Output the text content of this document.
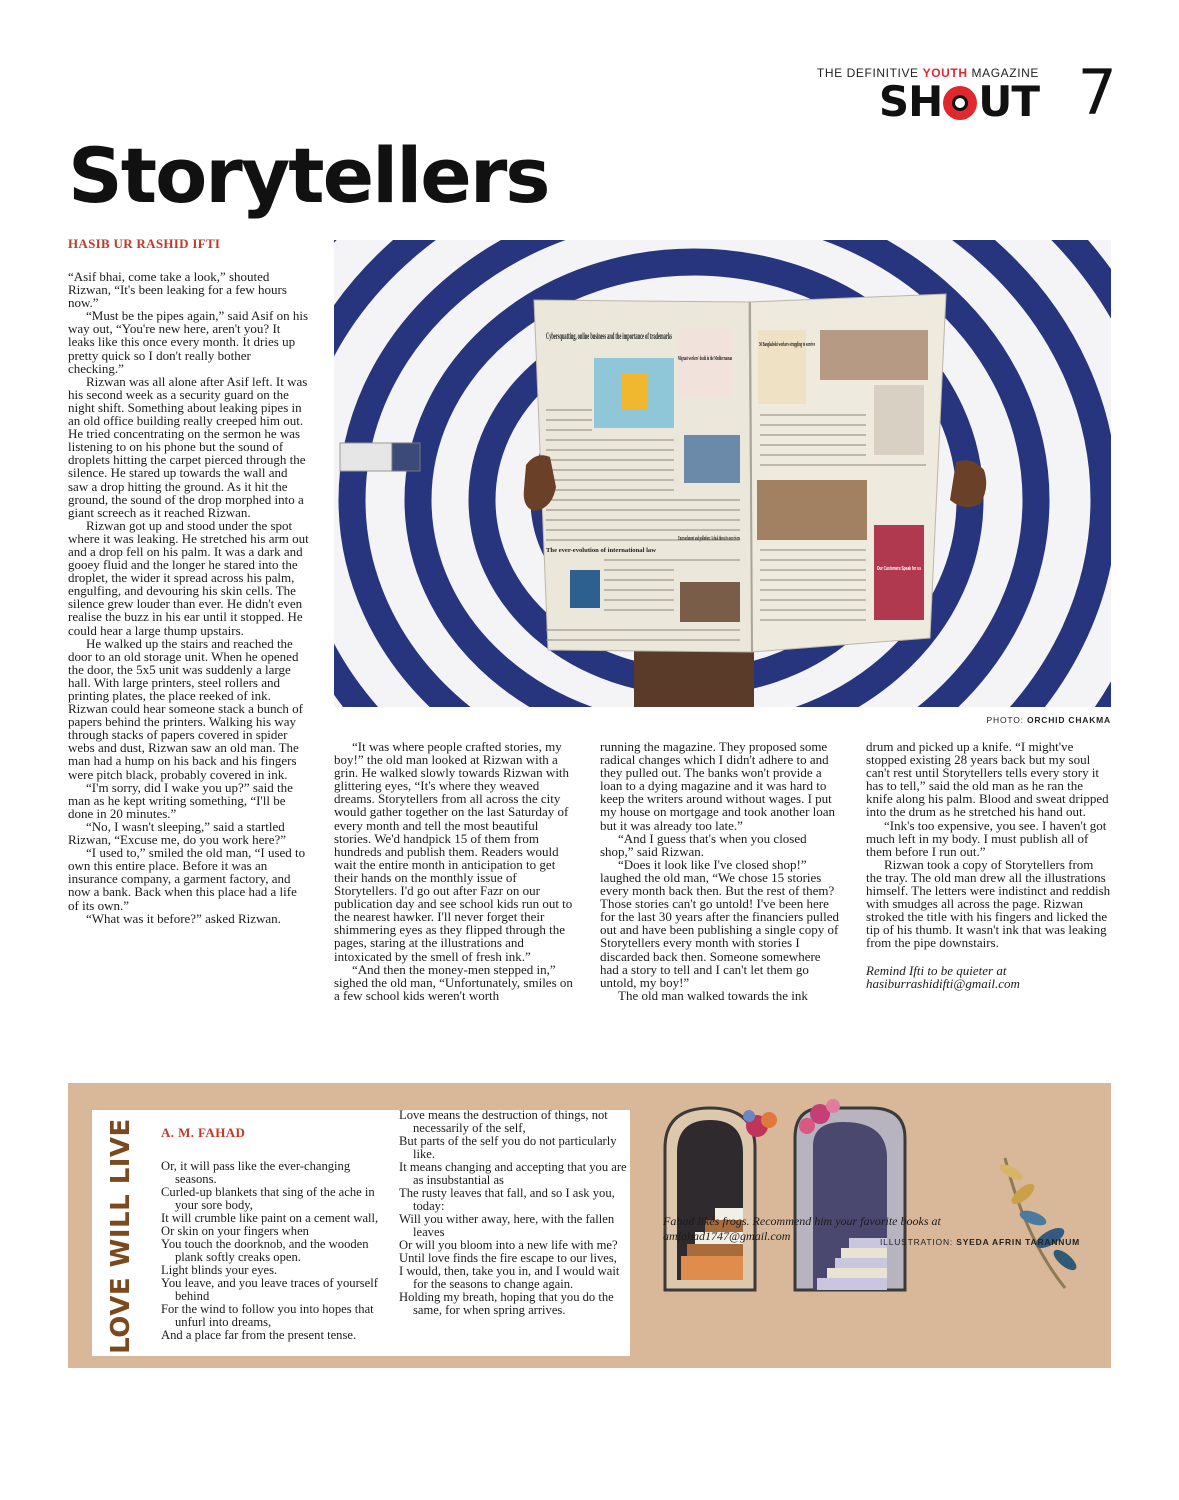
THE DEFINITIVE YOUTH MAGAZINE
SH UT 7
Storytellers
HASIB UR RASHID IFTI
Cybersquatting, online business and the importance of trademarks
Migrant workers' death in the Mediterranean
30 Bangladeshi workers struggling to survive
The ever-evolution of international law
Encroachment and pollution: A dual threat to our rivers
Our Customers Speak for us
PHOTO: ORCHID CHAKMA

“Asif bhai, come take a look,” shouted Rizwan, “It's been leaking for a few hours now.”

“Must be the pipes again,” said Asif on his way out, “You're new here, aren't you? It leaks like this once every month. It dries up pretty quick so I don't really bother checking.”

Rizwan was all alone after Asif left. It was his second week as a security guard on the night shift. Something about leaking pipes in an old office building really creeped him out. He tried concentrating on the sermon he was listening to on his phone but the sound of droplets hitting the carpet pierced through the silence. He stared up towards the wall and saw a drop hitting the ground. As it hit the ground, the sound of the drop morphed into a giant screech as it reached Rizwan.

Rizwan got up and stood under the spot where it was leaking. He stretched his arm out and a drop fell on his palm. It was a dark and gooey fluid and the longer he stared into the droplet, the wider it spread across his palm, engulfing, and devouring his skin cells. The silence grew louder than ever. He didn't even realise the buzz in his ear until it stopped. He could hear a large thump upstairs.

He walked up the stairs and reached the door to an old storage unit. When he opened the door, the 5x5 unit was suddenly a large hall. With large printers, steel rollers and printing plates, the place reeked of ink. Rizwan could hear someone stack a bunch of papers behind the printers. Walking his way through stacks of papers covered in spider webs and dust, Rizwan saw an old man. The man had a hump on his back and his fingers were pitch black, probably covered in ink.

“I'm sorry, did I wake you up?” said the man as he kept writing something, “I'll be done in 20 minutes.”

“No, I wasn't sleeping,” said a startled Rizwan, “Excuse me, do you work here?”

“I used to,” smiled the old man, “I used to own this entire place. Before it was an insurance company, a garment factory, and now a bank. Back when this place had a life of its own.”

“What was it before?” asked Rizwan.

“It was where people crafted stories, my boy!” the old man looked at Rizwan with a grin. He walked slowly towards Rizwan with glittering eyes, “It's where they weaved dreams. Storytellers from all across the city would gather together on the last Saturday of every month and tell the most beautiful stories. We'd handpick 15 of them from hundreds and publish them. Readers would wait the entire month in anticipation to get their hands on the monthly issue of Storytellers. I'd go out after Fazr on our publication day and see school kids run out to the nearest hawker. I'll never forget their shimmering eyes as they flipped through the pages, staring at the illustrations and intoxicated by the smell of fresh ink.”

“And then the money-men stepped in,” sighed the old man, “Unfortunately, smiles on a few school kids weren't worth

running the magazine. They proposed some radical changes which I didn't adhere to and they pulled out. The banks won't provide a loan to a dying magazine and it was hard to keep the writers around without wages. I put my house on mortgage and took another loan but it was already too late.”

“And I guess that's when you closed shop,” said Rizwan.

“Does it look like I've closed shop!” laughed the old man, “We chose 15 stories every month back then. But the rest of them? Those stories can't go untold! I've been here for the last 30 years after the financiers pulled out and have been publishing a single copy of Storytellers every month with stories I discarded back then. Someone somewhere had a story to tell and I can't let them go untold, my boy!”

The old man walked towards the ink

drum and picked up a knife. “I might've stopped existing 28 years back but my soul can't rest until Storytellers tells every story it has to tell,” said the old man as he ran the knife along his palm. Blood and sweat dripped into the drum as he stretched his hand out.

“Ink's too expensive, you see. I haven't got much left in my body. I must publish all of them before I run out.”

Rizwan took a copy of Storytellers from the tray. The old man drew all the illustrations himself. The letters were indistinct and reddish with smudges all across the page. Rizwan stroked the title with his fingers and licked the tip of his thumb. It wasn't ink that was leaking from the pipe downstairs.

Remind Ifti to be quieter at

hasiburrashidifti@gmail.com

LOVE WILL LIVE A. M. FAHAD
Or, it will pass like the ever-changing seasons.
Curled-up blankets that sing of the ache in your sore body,
It will crumble like paint on a cement wall,
Or skin on your fingers when
You touch the doorknob, and the wooden plank softly creaks open.
Light blinds your eyes.
You leave, and you leave traces of yourself behind
For the wind to follow you into hopes that unfurl into dreams,
And a place far from the present tense.
Love means the destruction of things, not necessarily of the self,
But parts of the self you do not particularly like.
It means changing and accepting that you are as insubstantial as
The rusty leaves that fall, and so I ask you, today:
Will you wither away, here, with the fallen leaves
Or will you bloom into a new life with me?
Until love finds the fire escape to our lives,
I would, then, take you in, and I would wait for the seasons to change again.
Holding my breath, hoping that you do the same, for when spring arrives.
Fahad likes frogs. Recommend him your favorite books at
amfahad1747@gmail.com	ILLUSTRATION: SYEDA AFRIN TARANNUM
